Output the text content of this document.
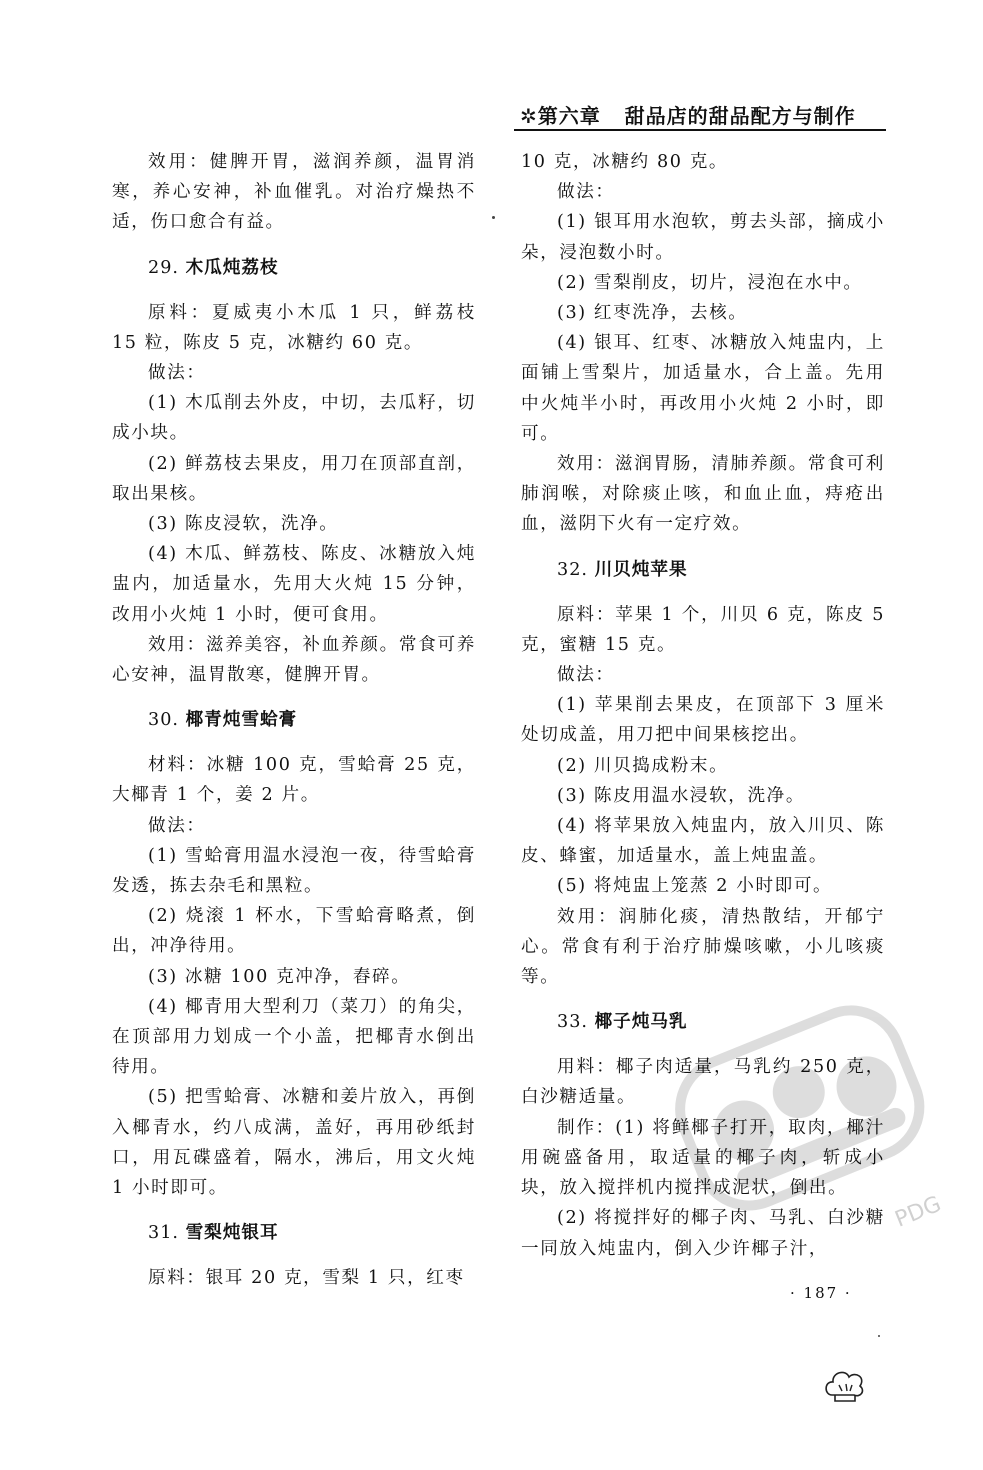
✲第六章 甜品店的甜品配方与制作

效用：健脾开胃，滋润养颜，温胃消寒，养心安神，补血催乳。对治疗燥热不适，伤口愈合有益。

29. 木瓜炖荔枝

原料：夏威夷小木瓜 1 只，鲜荔枝 15 粒，陈皮 5 克，冰糖约 60 克。

做法：

(1) 木瓜削去外皮，中切，去瓜籽，切成小块。

(2) 鲜荔枝去果皮，用刀在顶部直剖，取出果核。

(3) 陈皮浸软，洗净。

(4) 木瓜、鲜荔枝、陈皮、冰糖放入炖盅内，加适量水，先用大火炖 15 分钟，改用小火炖 1 小时，便可食用。

效用：滋养美容，补血养颜。常食可养心安神，温胃散寒，健脾开胃。

30. 椰青炖雪蛤膏

材料：冰糖 100 克，雪蛤膏 25 克，大椰青 1 个，姜 2 片。

做法：

(1) 雪蛤膏用温水浸泡一夜，待雪蛤膏发透，拣去杂毛和黑粒。

(2) 烧滚 1 杯水，下雪蛤膏略煮，倒出，冲净待用。

(3) 冰糖 100 克冲净，舂碎。

(4) 椰青用大型利刀（菜刀）的角尖，在顶部用力划成一个小盖，把椰青水倒出待用。

(5) 把雪蛤膏、冰糖和姜片放入，再倒入椰青水，约八成满，盖好，再用砂纸封口，用瓦碟盛着，隔水，沸后，用文火炖 1 小时即可。

31. 雪梨炖银耳

原料：银耳 20 克，雪梨 1 只，红枣

10 克，冰糖约 80 克。

做法：

(1) 银耳用水泡软，剪去头部，摘成小朵，浸泡数小时。

(2) 雪梨削皮，切片，浸泡在水中。

(3) 红枣洗净，去核。

(4) 银耳、红枣、冰糖放入炖盅内，上面铺上雪梨片，加适量水，合上盖。先用中火炖半小时，再改用小火炖 2 小时，即可。

效用：滋润胃肠，清肺养颜。常食可利肺润喉，对除痰止咳，和血止血，痔疮出血，滋阴下火有一定疗效。

32. 川贝炖苹果

原料：苹果 1 个，川贝 6 克，陈皮 5 克，蜜糖 15 克。

做法：

(1) 苹果削去果皮，在顶部下 3 厘米处切成盖，用刀把中间果核挖出。

(2) 川贝捣成粉末。

(3) 陈皮用温水浸软，洗净。

(4) 将苹果放入炖盅内，放入川贝、陈皮、蜂蜜，加适量水，盖上炖盅盖。

(5) 将炖盅上笼蒸 2 小时即可。

效用：润肺化痰，清热散结，开郁宁心。常食有利于治疗肺燥咳嗽，小儿咳痰等。

33. 椰子炖马乳

用料：椰子肉适量，马乳约 250 克，白沙糖适量。

制作：(1) 将鲜椰子打开，取肉，椰汁用碗盛备用，取适量的椰子肉，斩成小块，放入搅拌机内搅拌成泥状，倒出。

(2) 将搅拌好的椰子肉、马乳、白沙糖一同放入炖盅内，倒入少许椰子汁，

· 187 ·
PDG
